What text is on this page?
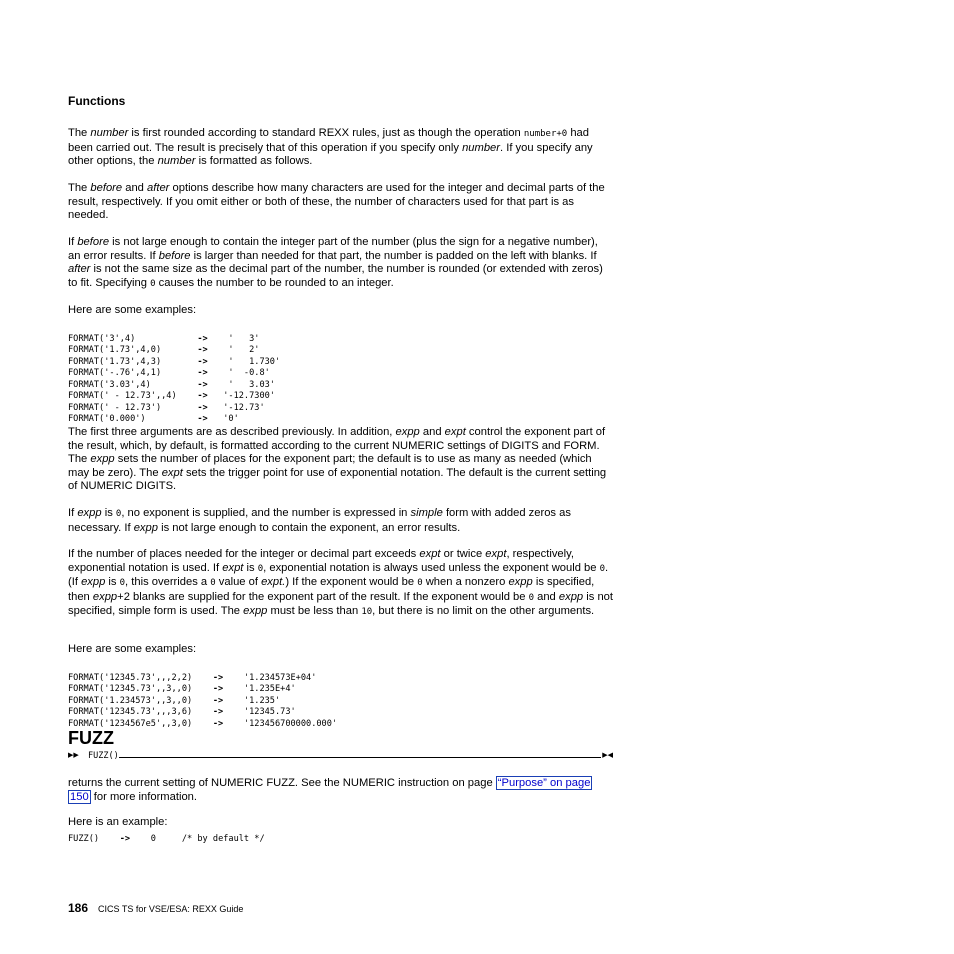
Functions

The number is first rounded according to standard REXX rules, just as though the operation number+0 had been carried out. The result is precisely that of this operation if you specify only number. If you specify any other options, the number is formatted as follows.

The before and after options describe how many characters are used for the integer and decimal parts of the result, respectively. If you omit either or both of these, the number of characters used for that part is as needed.

If before is not large enough to contain the integer part of the number (plus the sign for a negative number), an error results. If before is larger than needed for that part, the number is padded on the left with blanks. If after is not the same size as the decimal part of the number, the number is rounded (or extended with zeros) to fit. Specifying 0 causes the number to be rounded to an integer.

Here are some examples:

FORMAT('3',4)            ->    '   3'
FORMAT('1.73',4,0)       ->    '   2'
FORMAT('1.73',4,3)       ->    '   1.730'
FORMAT('-.76',4,1)       ->    '  -0.8'
FORMAT('3.03',4)         ->    '   3.03'
FORMAT(' - 12.73',,4)    ->   '-12.7300'
FORMAT(' - 12.73')       ->   '-12.73'
FORMAT('0.000')          ->   '0'

The first three arguments are as described previously. In addition, expp and expt control the exponent part of the result, which, by default, is formatted according to the current NUMERIC settings of DIGITS and FORM. The expp sets the number of places for the exponent part; the default is to use as many as needed (which may be zero). The expt sets the trigger point for use of exponential notation. The default is the current setting of NUMERIC DIGITS.

If expp is 0, no exponent is supplied, and the number is expressed in simple form with added zeros as necessary. If expp is not large enough to contain the exponent, an error results.

If the number of places needed for the integer or decimal part exceeds expt or twice expt, respectively, exponential notation is used. If expt is 0, exponential notation is always used unless the exponent would be 0. (If expp is 0, this overrides a 0 value of expt.) If the exponent would be 0 when a nonzero expp is specified, then expp+2 blanks are supplied for the exponent part of the result. If the exponent would be 0 and expp is not specified, simple form is used. The expp must be less than 10, but there is no limit on the other arguments.

Here are some examples:

FORMAT('12345.73',,,2,2)    ->    '1.234573E+04'
FORMAT('12345.73',,3,,0)    ->    '1.235E+4'
FORMAT('1.234573',,3,,0)    ->    '1.235'
FORMAT('12345.73',,,3,6)    ->    '12345.73'
FORMAT('1234567e5',,3,0)    ->    '123456700000.000'

FUZZ
▶▶ FUZZ()	▶◀

returns the current setting of NUMERIC FUZZ. See the NUMERIC instruction on page “Purpose” on page
150 for more information.

Here is an example:

FUZZ()    ->    0     /* by default */
186 CICS TS for VSE/ESA: REXX Guide
